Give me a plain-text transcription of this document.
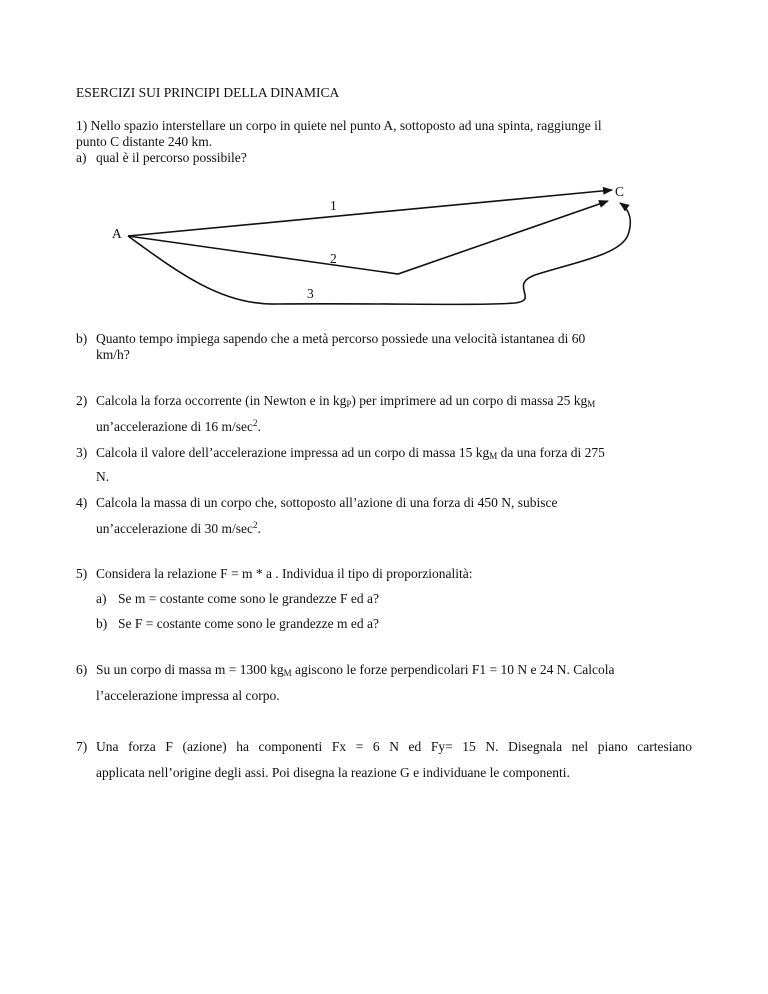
ESERCIZI SUI PRINCIPI DELLA DINAMICA
1) Nello spazio interstellare un corpo in quiete nel punto A, sottoposto ad una spinta, raggiunge il
punto C distante 240 km.
a) qual è il percorso possibile?
A
C
1
2
3
b) Quanto tempo impiega sapendo che a metà percorso possiede una velocità istantanea di 60
km/h?
2) Calcola la forza occorrente (in Newton e in $kg_P$) per imprimere ad un corpo di massa 25 $kg_M$
un’accelerazione di 16 $m/\sec^2$.
3) Calcola il valore dell’accelerazione impressa ad un corpo di massa 15 $kg_M$ da una forza di 275
N.
4) Calcola la massa di un corpo che, sottoposto all’azione di una forza di 450 N, subisce
un’accelerazione di 30 $m/\sec^2$.
5) Considera la relazione F = m * a . Individua il tipo di proporzionalità:
a) Se m = costante come sono le grandezze F ed a?
b) Se F = costante come sono le grandezze m ed a?
6) Su un corpo di massa m = 1300 $kg_M$ agiscono le forze perpendicolari F1 = 10 N e 24 N. Calcola
l’accelerazione impressa al corpo.
7) Una forza F (azione) ha componenti Fx = 6 N ed Fy= 15 N. Disegnala nel piano cartesiano
applicata nell’origine degli assi. Poi disegna la reazione G e individuane le componenti.
